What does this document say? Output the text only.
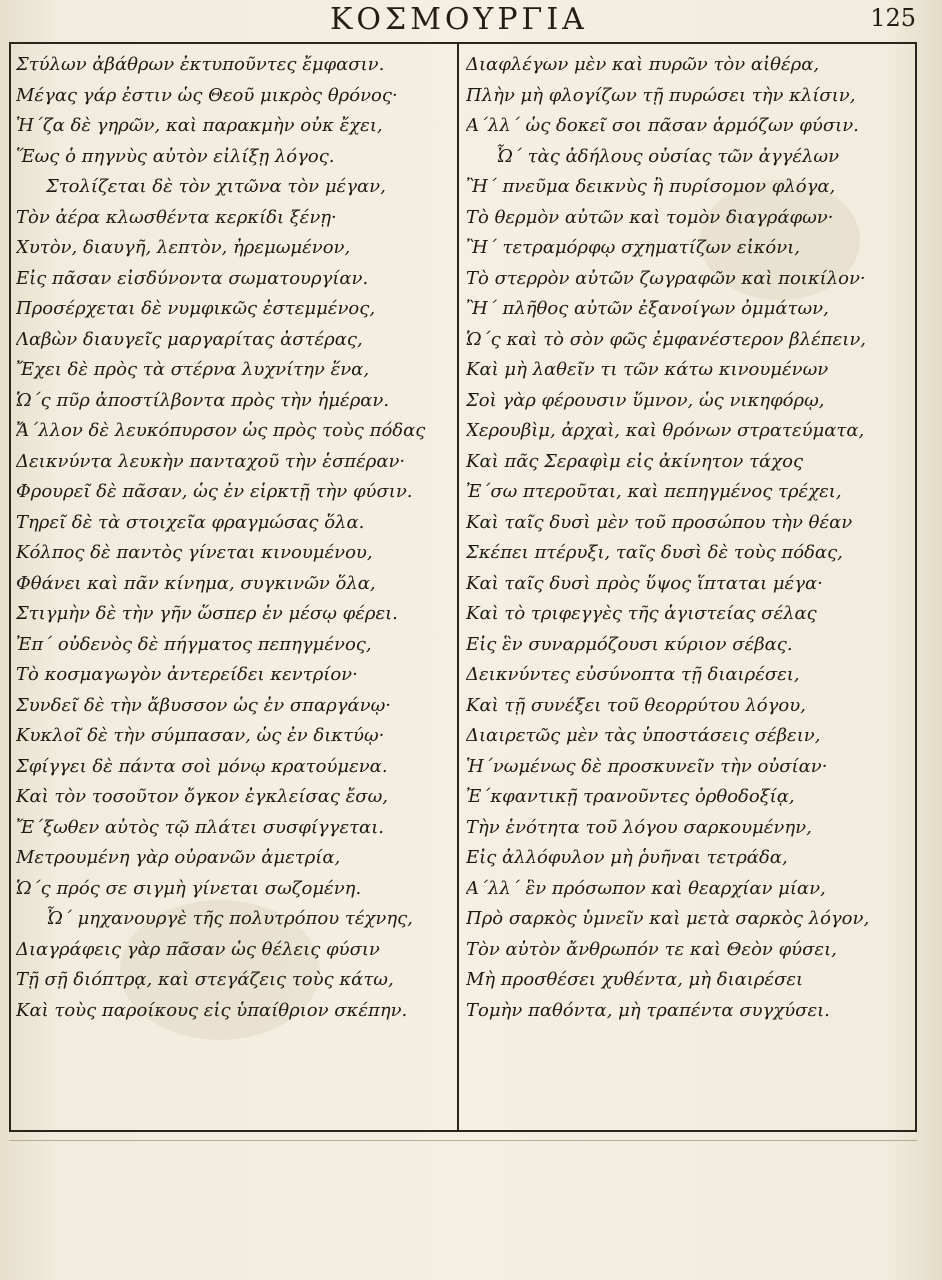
ΚΟΣΜΟΥΡΓΙΑ	125
Στύλων ἀβάθρων ἐκτυποῦντες ἔμφασιν.
Μέγας γάρ ἐστιν ὡς Θεοῦ μικρὸς θρόνος·
Ἡ΄ζα δὲ γηρῶν, καὶ παρακμὴν οὐκ ἔχει,
Ἕως ὁ πηγνὺς αὐτὸν εἰλίξῃ λόγος.
Στολίζεται δὲ τὸν χιτῶνα τὸν μέγαν,
Τὸν ἀέρα κλωσθέντα κερκίδι ξένῃ·
Χυτὸν, διαυγῆ, λεπτὸν, ἠρεμωμένον,
Εἰς πᾶσαν εἰσδύνοντα σωματουργίαν.
Προσέρχεται δὲ νυμφικῶς ἐστεμμένος,
Λαβὼν διαυγεῖς μαργαρίτας ἀστέρας,
Ἔχει δὲ πρὸς τὰ στέρνα λυχνίτην ἕνα,
Ὡ΄ς πῦρ ἀποστίλβοντα πρὸς τὴν ἡμέραν.
Ἄ΄λλον δὲ λευκόπυρσον ὡς πρὸς τοὺς πόδας
Δεικνύντα λευκὴν πανταχοῦ τὴν ἑσπέραν·
Φρουρεῖ δὲ πᾶσαν, ὡς ἐν εἱρκτῇ τὴν φύσιν.
Τηρεῖ δὲ τὰ στοιχεῖα φραγμώσας ὅλα.
Κόλπος δὲ παντὸς γίνεται κινουμένου,
Φθάνει καὶ πᾶν κίνημα, συγκινῶν ὅλα,
Στιγμὴν δὲ τὴν γῆν ὥσπερ ἐν μέσῳ φέρει.
Ἐπ΄ οὐδενὸς δὲ πήγματος πεπηγμένος,
Τὸ κοσμαγωγὸν ἀντερείδει κεντρίον·
Συνδεῖ δὲ τὴν ἄβυσσον ὡς ἐν σπαργάνῳ·
Κυκλοῖ δὲ τὴν σύμπασαν, ὡς ἐν δικτύῳ·
Σφίγγει δὲ πάντα σοὶ μόνῳ κρατούμενα.
Καὶ τὸν τοσοῦτον ὄγκον ἐγκλείσας ἔσω,
Ἔ΄ξωθεν αὐτὸς τῷ πλάτει συσφίγγεται.
Μετρουμένη γὰρ οὐρανῶν ἀμετρία,
Ὡ΄ς πρός σε σιγμὴ γίνεται σωζομένη.
Ὦ΄ μηχανουργὲ τῆς πολυτρόπου τέχνης,
Διαγράφεις γὰρ πᾶσαν ὡς θέλεις φύσιν
Τῇ σῇ διόπτρᾳ, καὶ στεγάζεις τοὺς κάτω,
Καὶ τοὺς παροίκους εἰς ὑπαίθριον σκέπην.
Διαφλέγων μὲν καὶ πυρῶν τὸν αἰθέρα,
Πλὴν μὴ φλογίζων τῇ πυρώσει τὴν κλίσιν,
Α΄λλ΄ ὡς δοκεῖ σοι πᾶσαν ἁρμόζων φύσιν.
Ὦ΄ τὰς ἀδήλους οὐσίας τῶν ἀγγέλων
Ἢ΄ πνεῦμα δεικνὺς ἢ πυρίσομον φλόγα,
Τὸ θερμὸν αὐτῶν καὶ τομὸν διαγράφων·
Ἢ΄ τετραμόρφῳ σχηματίζων εἰκόνι,
Τὸ στερρὸν αὐτῶν ζωγραφῶν καὶ ποικίλον·
Ἢ΄ πλῆθος αὐτῶν ἐξανοίγων ὀμμάτων,
Ὡ΄ς καὶ τὸ σὸν φῶς ἐμφανέστερον βλέπειν,
Καὶ μὴ λαθεῖν τι τῶν κάτω κινουμένων
Σοὶ γὰρ φέρουσιν ὕμνον, ὡς νικηφόρῳ,
Χερουβὶμ, ἀρχαὶ, καὶ θρόνων στρατεύματα,
Καὶ πᾶς Σεραφὶμ εἰς ἀκίνητον τάχος
Ἐ΄σω πτεροῦται, καὶ πεπηγμένος τρέχει,
Καὶ ταῖς δυσὶ μὲν τοῦ προσώπου τὴν θέαν
Σκέπει πτέρυξι, ταῖς δυσὶ δὲ τοὺς πόδας,
Καὶ ταῖς δυσὶ πρὸς ὕψος ἵπταται μέγα·
Καὶ τὸ τριφεγγὲς τῆς ἁγιστείας σέλας
Εἰς ἓν συναρμόζουσι κύριον σέβας.
Δεικνύντες εὐσύνοπτα τῇ διαιρέσει,
Καὶ τῇ συνέξει τοῦ θεορρύτου λόγου,
Διαιρετῶς μὲν τὰς ὑποστάσεις σέβειν,
Ἡ΄νωμένως δὲ προσκυνεῖν τὴν οὐσίαν·
Ἐ΄κφαντικῇ τρανοῦντες ὀρθοδοξίᾳ,
Τὴν ἑνότητα τοῦ λόγου σαρκουμένην,
Εἰς ἀλλόφυλον μὴ ῥυῆναι τετράδα,
Α΄λλ΄ ἓν πρόσωπον καὶ θεαρχίαν μίαν,
Πρὸ σαρκὸς ὑμνεῖν καὶ μετὰ σαρκὸς λόγον,
Τὸν αὐτὸν ἄνθρωπόν τε καὶ Θεὸν φύσει,
Μὴ προσθέσει χυθέντα, μὴ διαιρέσει
Τομὴν παθόντα, μὴ τραπέντα συγχύσει.
